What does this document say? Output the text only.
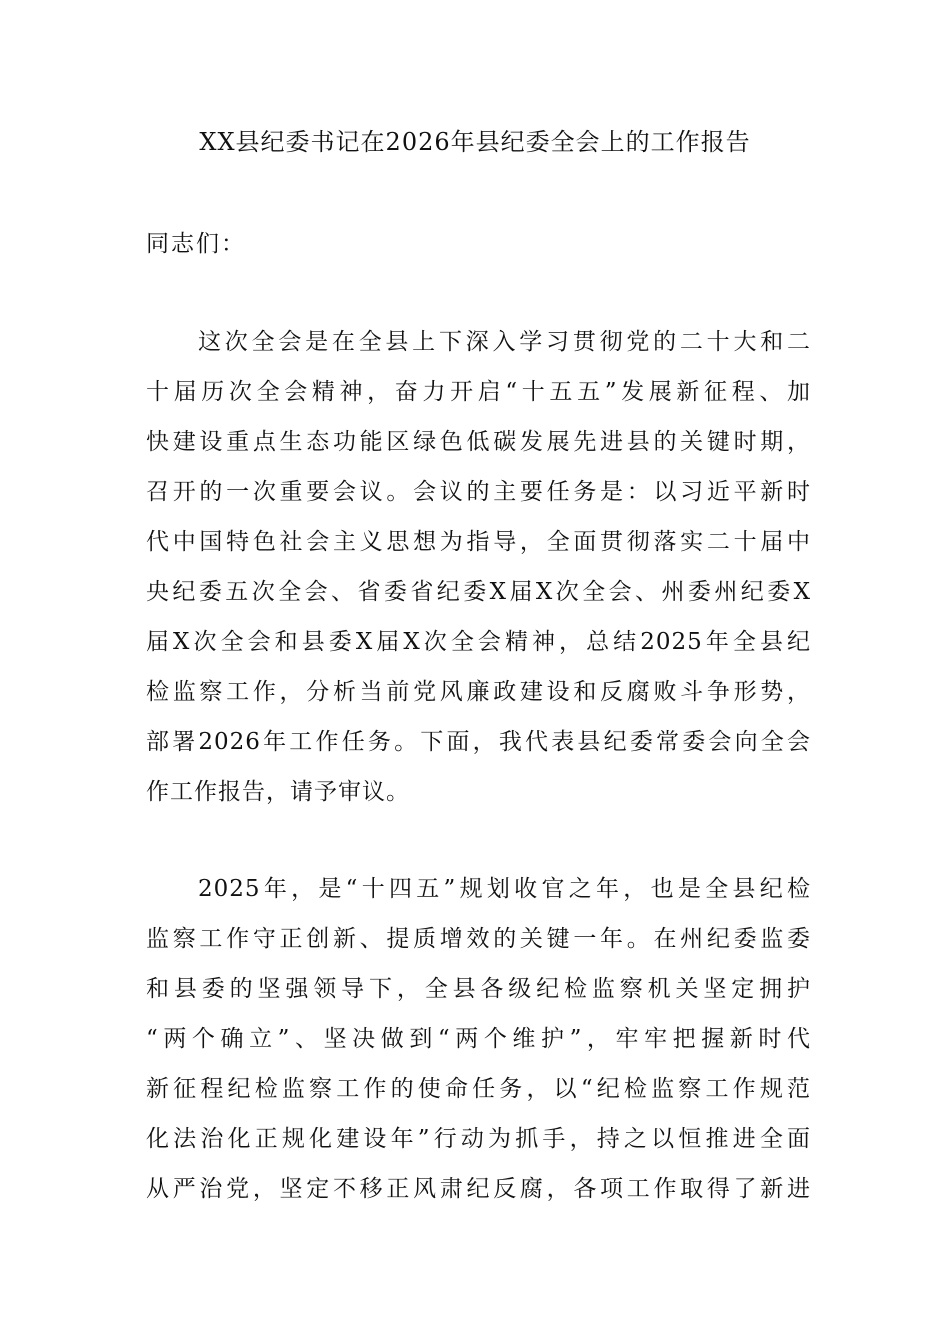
XX县纪委书记在2026年县纪委全会上的工作报告
同志们：
这次全会是在全县上下深入学习贯彻党的二十大和二
十届历次全会精神，奋力开启“十五五”发展新征程、加
快建设重点生态功能区绿色低碳发展先进县的关键时期，
召开的一次重要会议。会议的主要任务是：以习近平新时
代中国特色社会主义思想为指导，全面贯彻落实二十届中
央纪委五次全会、省委省纪委X届X次全会、州委州纪委X
届X次全会和县委X届X次全会精神，总结2025年全县纪
检监察工作，分析当前党风廉政建设和反腐败斗争形势，
部署2026年工作任务。下面，我代表县纪委常委会向全会
作工作报告，请予审议。
2025年，是“十四五”规划收官之年，也是全县纪检
监察工作守正创新、提质增效的关键一年。在州纪委监委
和县委的坚强领导下，全县各级纪检监察机关坚定拥护
“两个确立”、坚决做到“两个维护”，牢牢把握新时代
新征程纪检监察工作的使命任务，以“纪检监察工作规范
化法治化正规化建设年”行动为抓手，持之以恒推进全面
从严治党，坚定不移正风肃纪反腐，各项工作取得了新进
